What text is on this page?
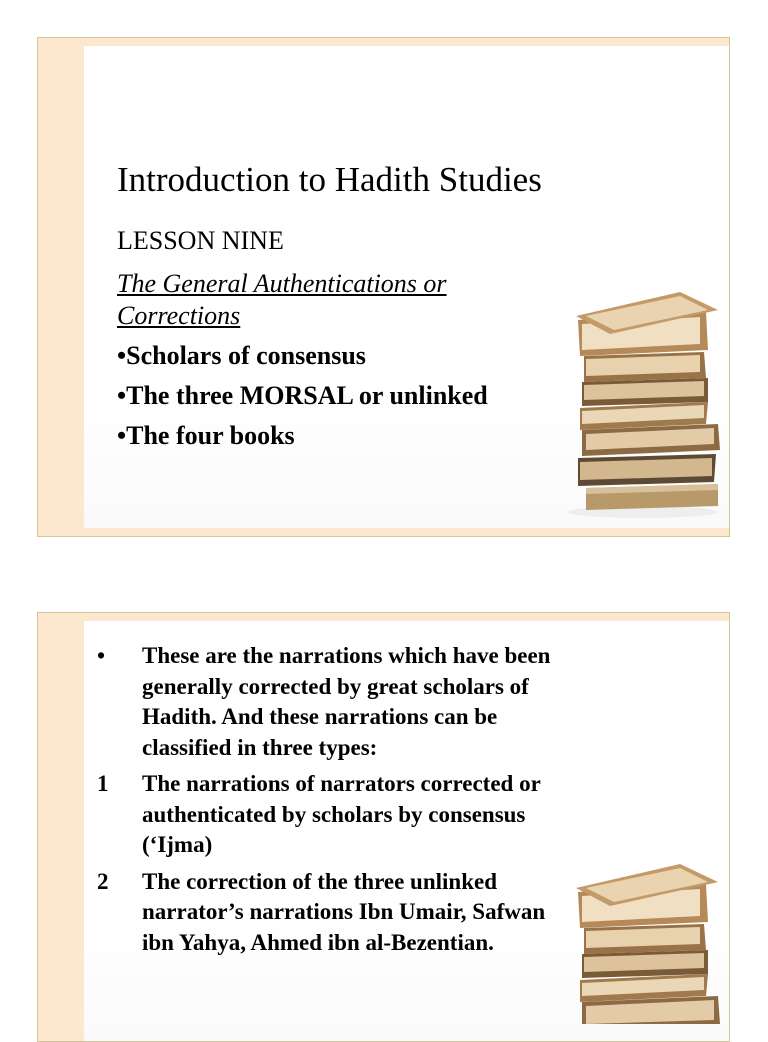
Introduction to Hadith Studies
LESSON NINE
The General Authentications or Corrections
• Scholars of consensus
• The three MORSAL or unlinked
• The four books
•	These are the narrations which have been generally corrected by great scholars of Hadith. And these narrations can be classified in three types:
1	The narrations of narrators corrected or authenticated by scholars by consensus (‘Ijma)
2	The correction of the three unlinked narrator’s narrations Ibn Umair, Safwan ibn Yahya, Ahmed ibn al-Bezentian.
